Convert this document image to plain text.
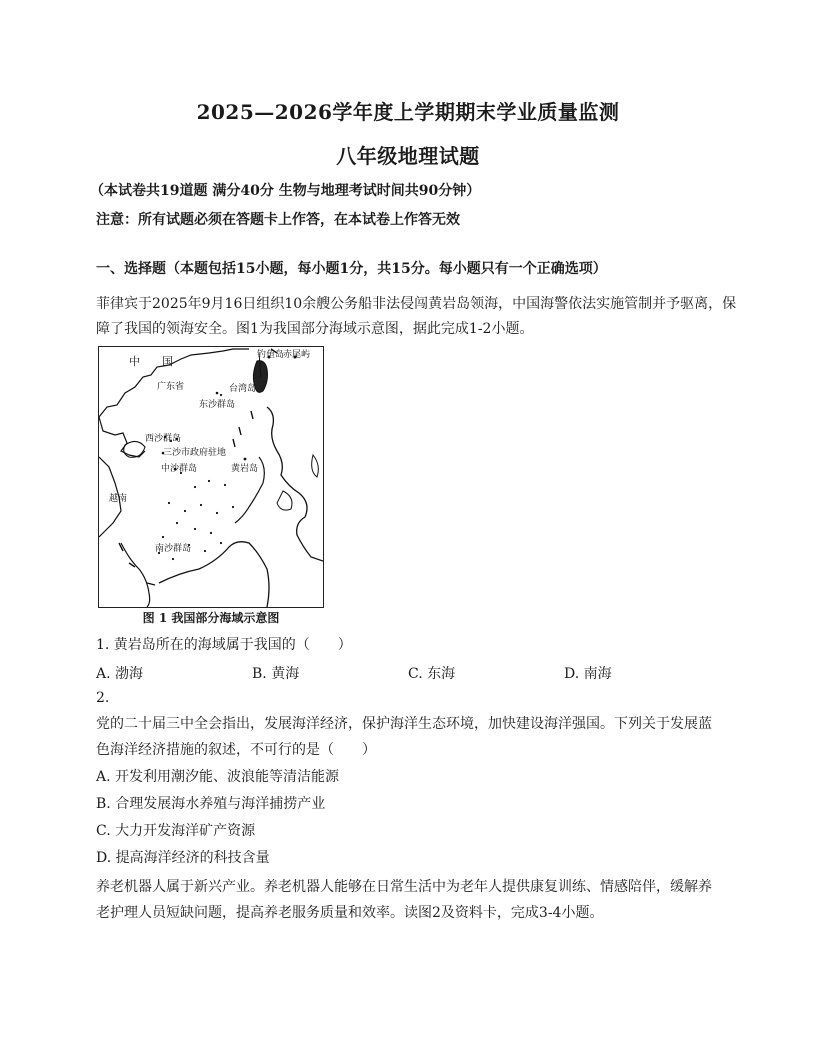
2025—2026学年度上学期期末学业质量监测
八年级地理试题
（本试卷共19道题 满分40分 生物与地理考试时间共90分钟）
注意：所有试题必须在答题卡上作答，在本试卷上作答无效
一、选择题（本题包括15小题，每小题1分，共15分。每小题只有一个正确选项）
菲律宾于2025年9月16日组织10余艘公务船非法侵闯黄岩岛领海，中国海警依法实施管制并予驱离，保
障了我国的领海安全。图1为我国部分海域示意图，据此完成1-2小题。
中　　国	钓鱼岛
赤尾屿
广东省	台湾岛
东沙群岛
西沙群岛
三沙市政府驻地
中沙群岛	黄岩岛
越南
南沙群岛
图 1 我国部分海域示意图
1. 黄岩岛所在的海域属于我国的（　　）
A. 渤海	B. 黄海	C. 东海	D. 南海
2.
党的二十届三中全会指出，发展海洋经济，保护海洋生态环境，加快建设海洋强国。下列关于发展蓝
色海洋经济措施的叙述，不可行的是（　　）
A. 开发利用潮汐能、波浪能等清洁能源
B. 合理发展海水养殖与海洋捕捞产业
C. 大力开发海洋矿产资源
D. 提高海洋经济的科技含量
养老机器人属于新兴产业。养老机器人能够在日常生活中为老年人提供康复训练、情感陪伴，缓解养
老护理人员短缺问题，提高养老服务质量和效率。读图2及资料卡，完成3-4小题。
